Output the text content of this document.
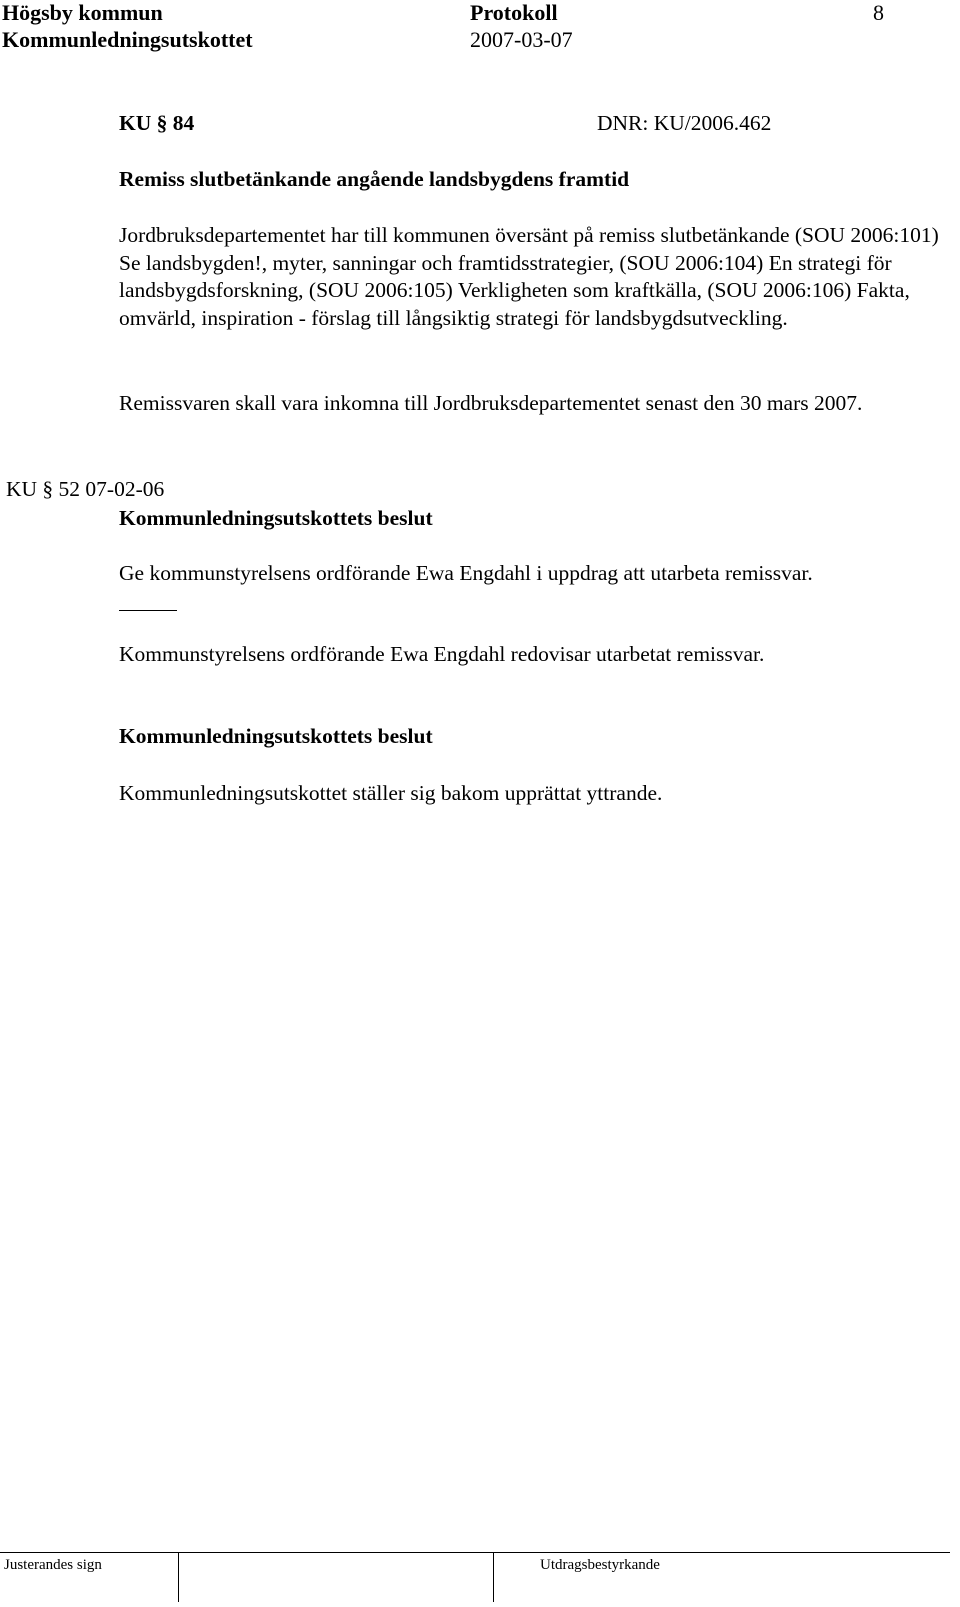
Högsby kommun	Protokoll	8
Kommunledningsutskottet	2007-03-07
KU § 84	DNR: KU/2006.462
Remiss slutbetänkande angående landsbygdens framtid
Jordbruksdepartementet har till kommunen översänt på remiss slutbetänkande (SOU 2006:101) Se landsbygden!, myter, sanningar och framtidsstrategier, (SOU 2006:104) En strategi för landsbygdsforskning, (SOU 2006:105) Verkligheten som kraftkälla, (SOU 2006:106) Fakta, omvärld, inspiration - förslag till långsiktig strategi för landsbygdsutveckling.
Remissvaren skall vara inkomna till Jordbruksdepartementet senast den 30 mars 2007.
KU § 52 07-02-06
Kommunledningsutskottets beslut
Ge kommunstyrelsens ordförande Ewa Engdahl i uppdrag att utarbeta remissvar.
Kommunstyrelsens ordförande Ewa Engdahl redovisar utarbetat remissvar.
Kommunledningsutskottets beslut
Kommunledningsutskottet ställer sig bakom upprättat yttrande.
Justerandes sign	Utdragsbestyrkande
